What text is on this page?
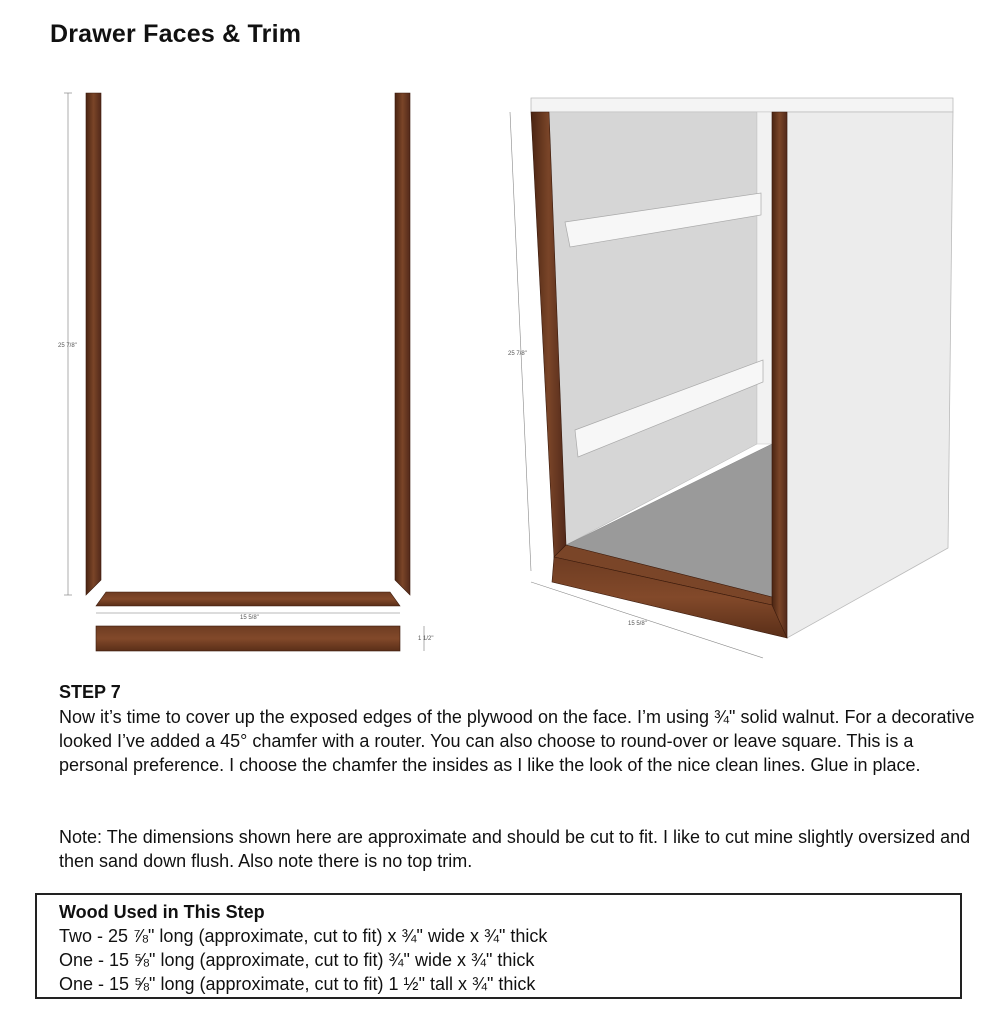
Drawer Faces & Trim
25 7/8"
15 5/8"
1 1/2"
25 7/8"
15 5/8"
STEP 7

Now it’s time to cover up the exposed edges of the plywood on the face. I’m using ¾" solid walnut. For a decorative looked I’ve added a 45° chamfer with a router. You can also choose to round-over or leave square. This is a personal preference. I choose the chamfer the insides as I like the look of the nice clean lines. Glue in place.

Note: The dimensions shown here are approximate and should be cut to fit. I like to cut mine slightly oversized and then sand down flush. Also note there is no top trim.

Wood Used in This Step
Two - 25 ⅞" long (approximate, cut to fit) x ¾" wide x ¾" thick
One - 15 ⅝" long (approximate, cut to fit) ¾" wide x ¾" thick
One - 15 ⅝" long (approximate, cut to fit) 1 ½" tall x ¾" thick
